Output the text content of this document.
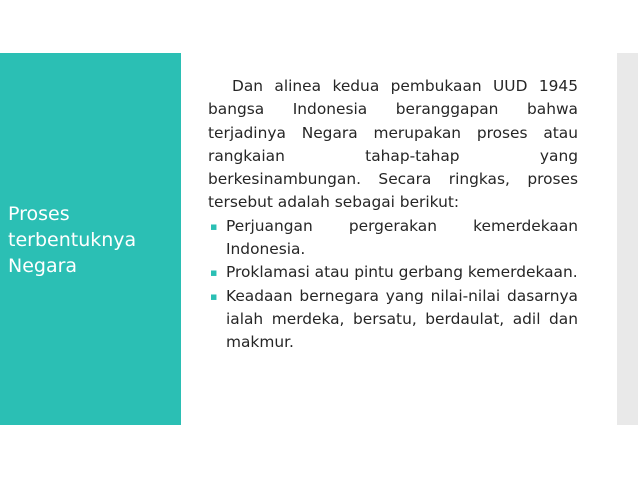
Proses terbentuknya Negara

Dan alinea kedua pembukaan UUD 1945 bangsa Indonesia beranggapan bahwa terjadinya Negara merupakan proses atau rangkaian tahap-tahap yang berkesinambungan. Secara ringkas, proses tersebut adalah sebagai berikut:

▪ Perjuangan pergerakan kemerdekaan Indonesia.
▪ Proklamasi atau pintu gerbang kemerdekaan.
▪ Keadaan bernegara yang nilai-nilai dasarnya ialah merdeka, bersatu, berdaulat, adil dan makmur.
